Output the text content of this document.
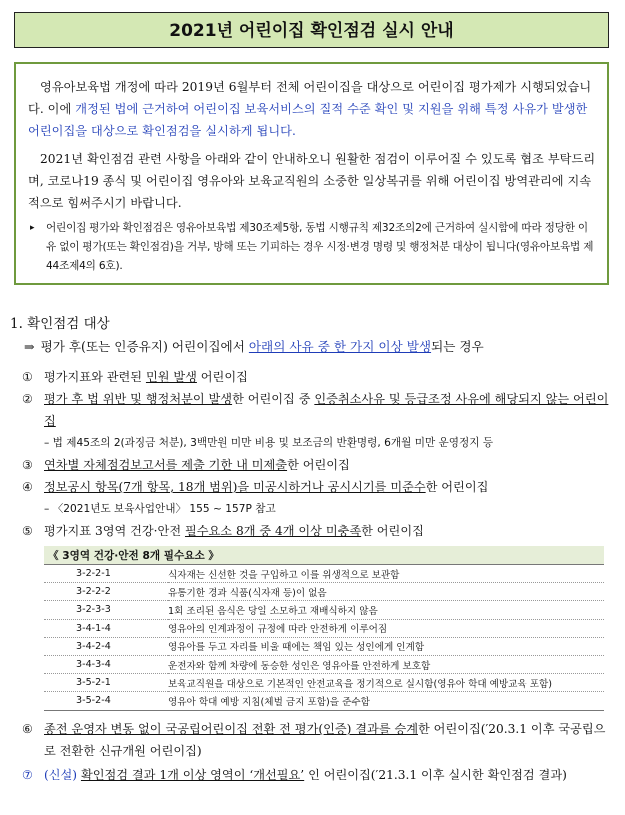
2021년 어린이집 확인점검 실시 안내

영유아보육법 개정에 따라 2019년 6월부터 전체 어린이집을 대상으로 어린이집 평가제가 시행되었습니다. 이에 개정된 법에 근거하여 어린이집 보육서비스의 질적 수준 확인 및 지원을 위해 특정 사유가 발생한 어린이집을 대상으로 확인점검을 실시하게 됩니다.

2021년 확인점검 관련 사항을 아래와 같이 안내하오니 원활한 점검이 이루어질 수 있도록 협조 부탁드리며, 코로나19 종식 및 어린이집 영유아와 보육교직원의 소중한 일상복귀를 위해 어린이집 방역관리에 지속적으로 힘써주시기 바랍니다.

▸ 어린이집 평가와 확인점검은 영유아보육법 제30조제5항, 동법 시행규칙 제32조의2에 근거하여 실시함에 따라 정당한 이유 없이 평가(또는 확인점검)을 거부, 방해 또는 기피하는 경우 시정·변경 명령 및 행정처분 대상이 됩니다(영유아보육법 제44조제4의 6호).
1. 확인점검 대상
⇒ 평가 후(또는 인증유지) 어린이집에서 아래의 사유 중 한 가지 이상 발생되는 경우
① 평가지표와 관련된 민원 발생 어린이집
② 평가 후 법 위반 및 행정처분이 발생한 어린이집 중 인증취소사유 및 등급조정 사유에 해당되지 않는 어린이집
– 법 제45조의 2(과징금 처분), 3백만원 미만 비용 및 보조금의 반환명령, 6개월 미만 운영정지 등
③ 연차별 자체점검보고서를 제출 기한 내 미제출한 어린이집
④ 정보공시 항목(7개 항목, 18개 범위)을 미공시하거나 공시시기를 미준수한 어린이집
– 〈2021년도 보육사업안내〉 155 ~ 157P 참고
⑤ 평가지표 3영역 건강·안전 필수요소 8개 중 4개 이상 미충족한 어린이집
《 3영역 건강·안전 8개 필수요소 》	
3-2-2-1	식자재는 신선한 것을 구입하고 이를 위생적으로 보관함
3-2-2-2	유통기한 경과 식품(식자재 등)이 없음
3-2-3-3	1회 조리된 음식은 당일 소모하고 재배식하지 않음
3-4-1-4	영유아의 인계과정이 규정에 따라 안전하게 이루어짐
3-4-2-4	영유아를 두고 자리를 비울 때에는 책임 있는 성인에게 인계함
3-4-3-4	운전자와 함께 차량에 동승한 성인은 영유아를 안전하게 보호함
3-5-2-1	보육교직원을 대상으로 기본적인 안전교육을 정기적으로 실시함(영유아 학대 예방교육 포함)
3-5-2-4	영유아 학대 예방 지침(체벌 금지 포함)을 준수함
⑥ 종전 운영자 변동 없이 국공립어린이집 전환 전 평가(인증) 결과를 승계한 어린이집(′20.3.1 이후 국공립으로 전환한 신규개원 어린이집)
⑦ (신설) 확인점검 결과 1개 이상 영역이 ‘개선필요’ 인 어린이집(′21.3.1 이후 실시한 확인점검 결과)
